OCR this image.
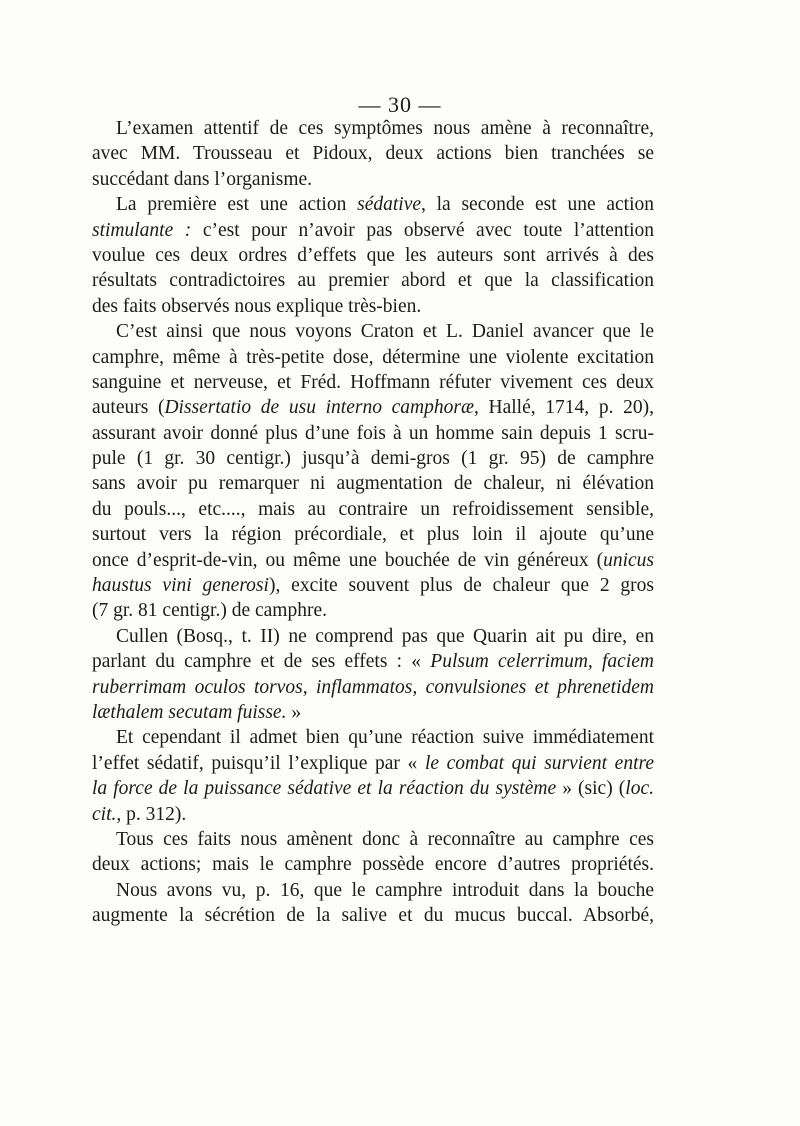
— 30 —
L’examen attentif de ces symptômes nous amène à reconnaître,
avec MM. Trousseau et Pidoux, deux actions bien tranchées se
succédant dans l’organisme.
La première est une action sédative, la seconde est une action
stimulante : c’est pour n’avoir pas observé avec toute l’attention
voulue ces deux ordres d’effets que les auteurs sont arrivés à des
résultats contradictoires au premier abord et que la classification
des faits observés nous explique très-bien.
C’est ainsi que nous voyons Craton et L. Daniel avancer que le
camphre, même à très-petite dose, détermine une violente excitation
sanguine et nerveuse, et Fréd. Hoffmann réfuter vivement ces deux
auteurs (Dissertatio de usu interno camphoræ, Hallé, 1714, p. 20),
assurant avoir donné plus d’une fois à un homme sain depuis 1 scru-
pule (1 gr. 30 centigr.) jusqu’à demi-gros (1 gr. 95) de camphre
sans avoir pu remarquer ni augmentation de chaleur, ni élévation
du pouls..., etc...., mais au contraire un refroidissement sensible,
surtout vers la région précordiale, et plus loin il ajoute qu’une
once d’esprit-de-vin, ou même une bouchée de vin généreux (unicus
haustus vini generosi), excite souvent plus de chaleur que 2 gros
(7 gr. 81 centigr.) de camphre.
Cullen (Bosq., t. II) ne comprend pas que Quarin ait pu dire, en
parlant du camphre et de ses effets : « Pulsum celerrimum, faciem
ruberrimam oculos torvos, inflammatos, convulsiones et phrenetidem
læthalem secutam fuisse. »
Et cependant il admet bien qu’une réaction suive immédiatement
l’effet sédatif, puisqu’il l’explique par « le combat qui survient entre
la force de la puissance sédative et la réaction du système » (sic) (loc.
cit., p. 312).
Tous ces faits nous amènent donc à reconnaître au camphre ces
deux actions; mais le camphre possède encore d’autres propriétés.
Nous avons vu, p. 16, que le camphre introduit dans la bouche
augmente la sécrétion de la salive et du mucus buccal. Absorbé,
